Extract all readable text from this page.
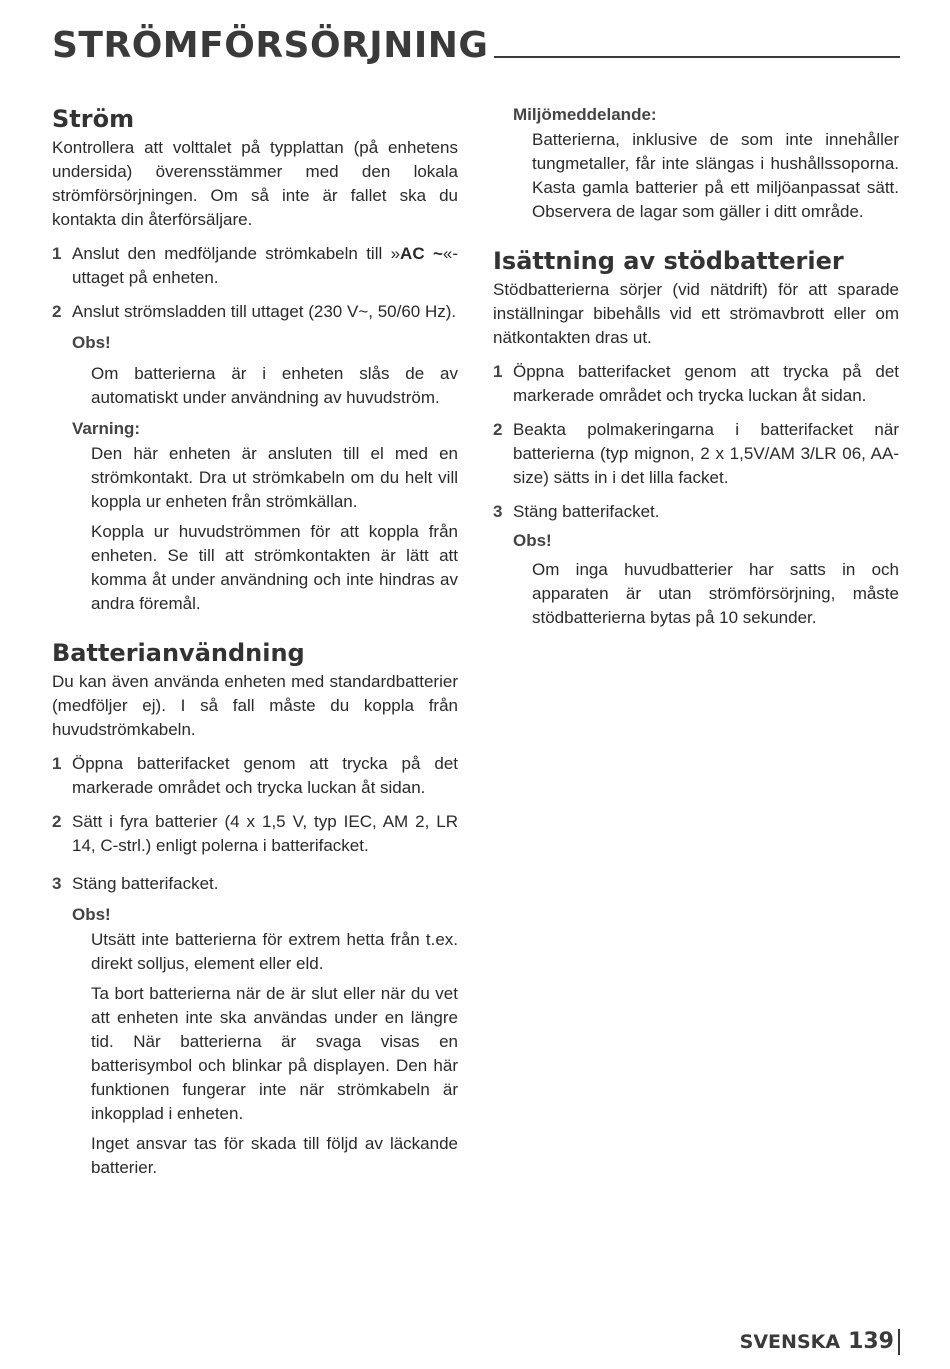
STRÖMFÖRSÖRJNING
Ström

Kontrollera att volttalet på typplattan (på enhetens undersida) överensstämmer med den lokala strömförsörjningen. Om så inte är fallet ska du kontakta din återförsäljare.

1 Anslut den medföljande strömkabeln till »AC ~«-uttaget på enheten.
2 Anslut strömsladden till uttaget (230 V~, 50/60 Hz).
Obs!

Om batterierna är i enheten slås de av automatiskt under användning av huvudström.

Varning:

Den här enheten är ansluten till el med en strömkontakt. Dra ut strömkabeln om du helt vill koppla ur enheten från strömkällan.

Koppla ur huvudströmmen för att koppla från enheten. Se till att strömkontakten är lätt att komma åt under användning och inte hindras av andra föremål.

Batterianvändning

Du kan även använda enheten med standardbatterier (medföljer ej). I så fall måste du koppla från huvudströmkabeln.

1 Öppna batterifacket genom att trycka på det markerade området och trycka luckan åt sidan.
2 Sätt i fyra batterier (4 x 1,5 V, typ IEC, AM 2, LR 14, C-strl.) enligt polerna i batterifacket.
3 Stäng batterifacket.
Obs!

Utsätt inte batterierna för extrem hetta från t.ex. direkt solljus, element eller eld.

Ta bort batterierna när de är slut eller när du vet att enheten inte ska användas under en längre tid. När batterierna är svaga visas en batterisymbol och blinkar på displayen. Den här funktionen fungerar inte när strömkabeln är inkopplad i enheten.

Inget ansvar tas för skada till följd av läckande batterier.

Miljömeddelande:

Batterierna, inklusive de som inte innehåller tungmetaller, får inte slängas i hushållssoporna. Kasta gamla batterier på ett miljöanpassat sätt. Observera de lagar som gäller i ditt område.

Isättning av stödbatterier

Stödbatterierna sörjer (vid nätdrift) för att sparade inställningar bibehålls vid ett strömavbrott eller om nätkontakten dras ut.

1 Öppna batterifacket genom att trycka på det markerade området och trycka luckan åt sidan.
2 Beakta polmakeringarna i batterifacket när batterierna (typ mignon, 2 x 1,5V/AM 3/LR 06, AA-size) sätts in i det lilla facket.
3 Stäng batterifacket.
Obs!

Om inga huvudbatterier har satts in och apparaten är utan strömförsörjning, måste stödbatterierna bytas på 10 sekunder.

SVENSKA 139
